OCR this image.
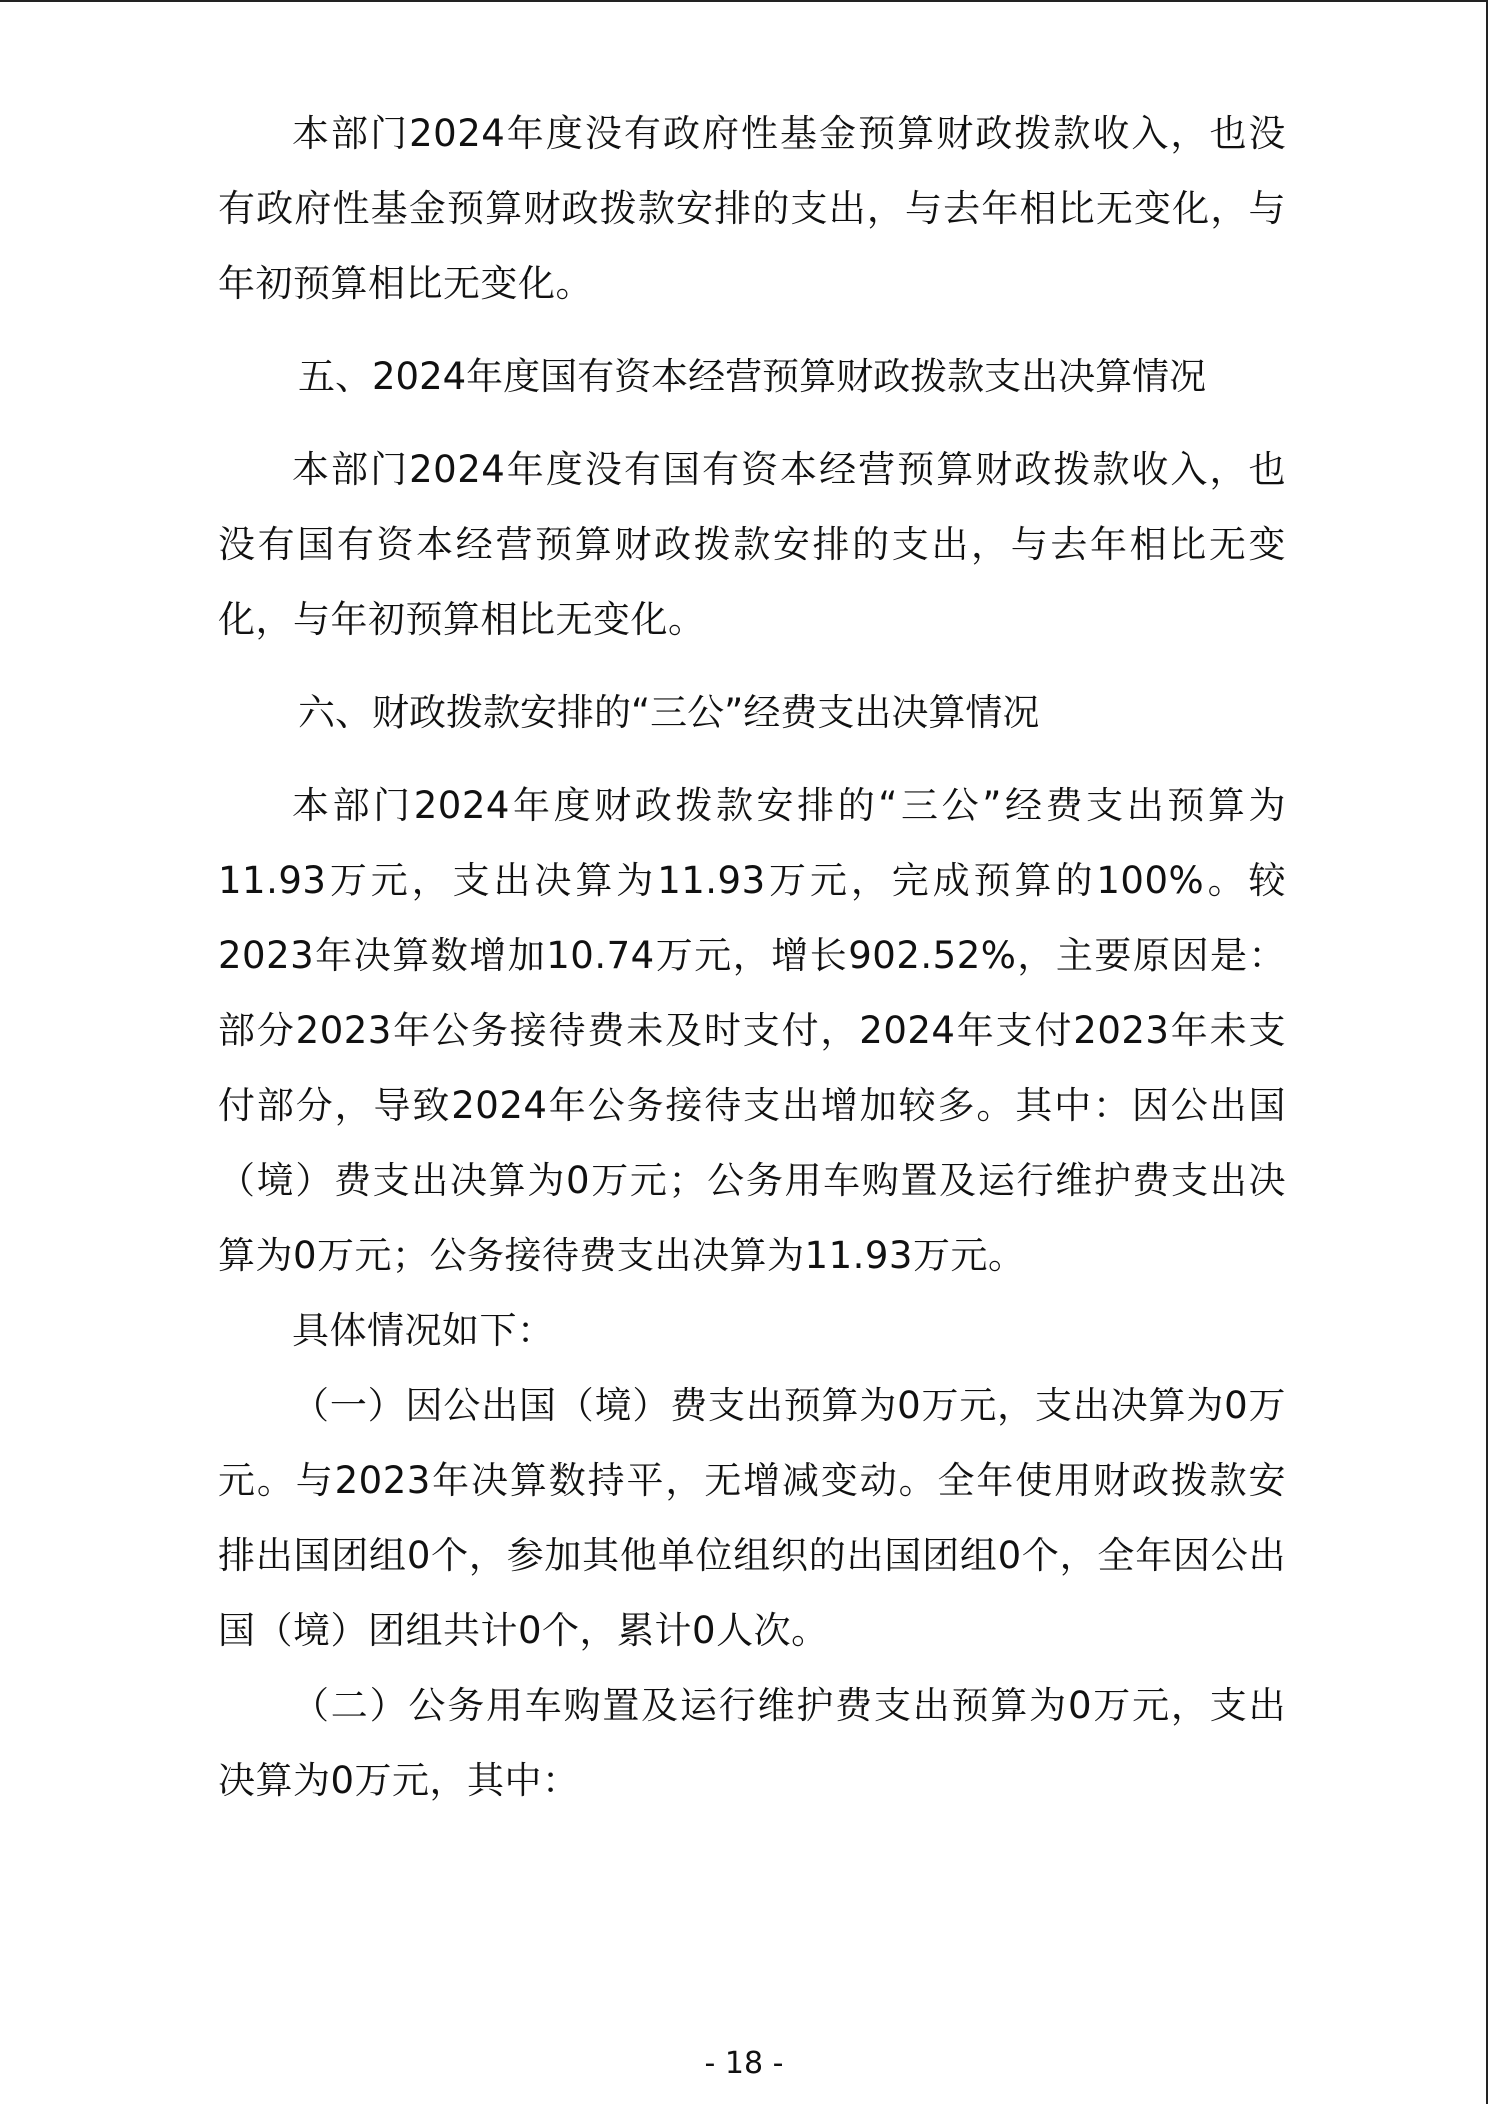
本部门2024年度没有政府性基金预算财政拨款收入，也没有政府性基金预算财政拨款安排的支出，与去年相比无变化，与年初预算相比无变化。

五、2024年度国有资本经营预算财政拨款支出决算情况

本部门2024年度没有国有资本经营预算财政拨款收入，也没有国有资本经营预算财政拨款安排的支出，与去年相比无变化，与年初预算相比无变化。

六、财政拨款安排的“三公”经费支出决算情况

本部门2024年度财政拨款安排的“三公”经费支出预算为11.93万元，支出决算为11.93万元，完成预算的100%。较2023年决算数增加10.74万元，增长902.52%，主要原因是：部分2023年公务接待费未及时支付，2024年支付2023年未支付部分，导致2024年公务接待支出增加较多。其中：因公出国（境）费支出决算为0万元；公务用车购置及运行维护费支出决算为0万元；公务接待费支出决算为11.93万元。

具体情况如下：

（一）因公出国（境）费支出预算为0万元，支出决算为0万元。与2023年决算数持平，无增减变动。全年使用财政拨款安排出国团组0个，参加其他单位组织的出国团组0个，全年因公出国（境）团组共计0个，累计0人次。

（二）公务用车购置及运行维护费支出预算为0万元，支出决算为0万元，其中：

- 18 -
